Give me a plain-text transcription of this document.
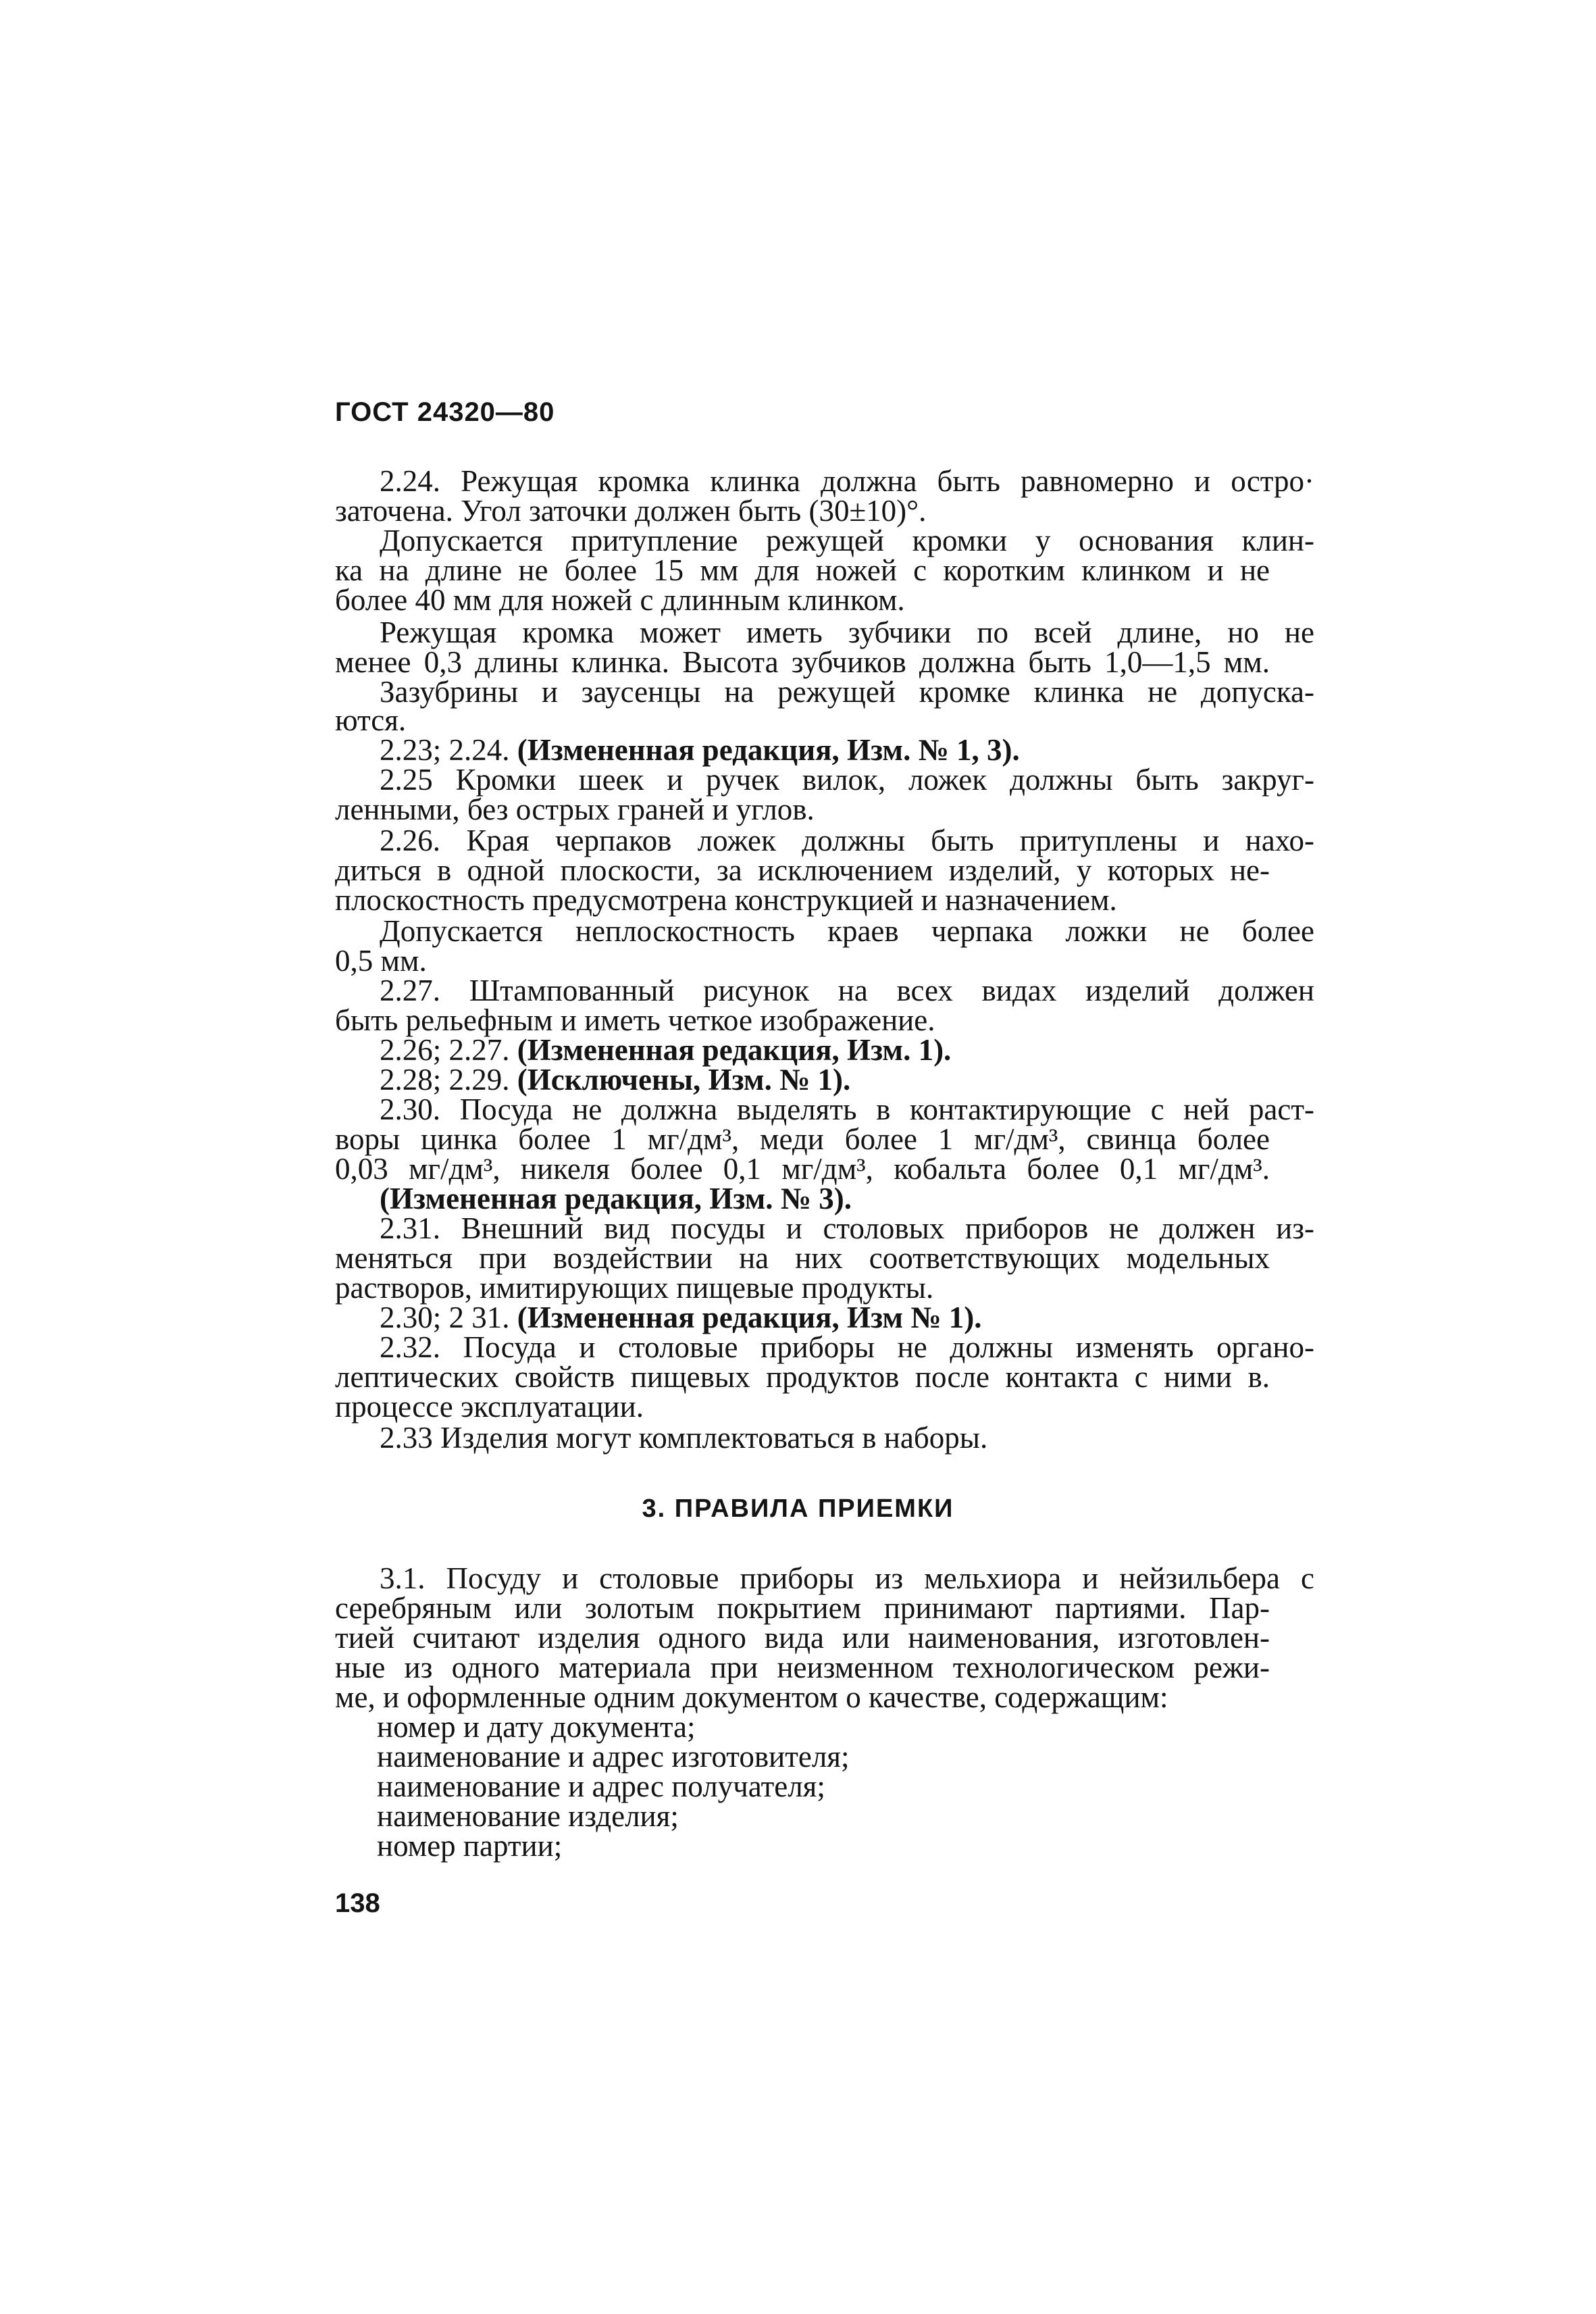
ГОСТ 24320—80
2.24. Режущая кромка клинка должна быть равномерно и остро·
заточена. Угол заточки должен быть (30±10)°.
Допускается притупление режущей кромки у основания клин-
ка на длине не более 15 мм для ножей с коротким клинком и не
более 40 мм для ножей с длинным клинком.
Режущая кромка может иметь зубчики по всей длине, но не
менее 0,3 длины клинка. Высота зубчиков должна быть 1,0—1,5 мм.
Зазубрины и заусенцы на режущей кромке клинка не допуска-
ются.
2.23; 2.24. (Измененная редакция, Изм. № 1, 3).
2.25 Кромки шеек и ручек вилок, ложек должны быть закруг-
ленными, без острых граней и углов.
2.26. Края черпаков ложек должны быть притуплены и нахо-
диться в одной плоскости, за исключением изделий, у которых не-
плоскостность предусмотрена конструкцией и назначением.
Допускается неплоскостность краев черпака ложки не более
0,5 мм.
2.27. Штампованный рисунок на всех видах изделий должен
быть рельефным и иметь четкое изображение.
2.26; 2.27. (Измененная редакция, Изм. 1).
2.28; 2.29. (Исключены, Изм. № 1).
2.30. Посуда не должна выделять в контактирующие с ней раст-
воры цинка более 1 мг/дм³, меди более 1 мг/дм³, свинца более
0,03 мг/дм³, никеля более 0,1 мг/дм³, кобальта более 0,1 мг/дм³.
(Измененная редакция, Изм. № 3).
2.31. Внешний вид посуды и столовых приборов не должен из-
меняться при воздействии на них соответствующих модельных
растворов, имитирующих пищевые продукты.
2.30; 2 31. (Измененная редакция, Изм № 1).
2.32. Посуда и столовые приборы не должны изменять органо-
лептических свойств пищевых продуктов после контакта с ними в.
процессе эксплуатации.
2.33 Изделия могут комплектоваться в наборы.
3. ПРАВИЛА ПРИЕМКИ
3.1. Посуду и столовые приборы из мельхиора и нейзильбера с
серебряным или золотым покрытием принимают партиями. Пар-
тией считают изделия одного вида или наименования, изготовлен-
ные из одного материала при неизменном технологическом режи-
ме, и оформленные одним документом о качестве, содержащим:
номер и дату документа;
наименование и адрес изготовителя;
наименование и адрес получателя;
наименование изделия;
номер партии;
138
